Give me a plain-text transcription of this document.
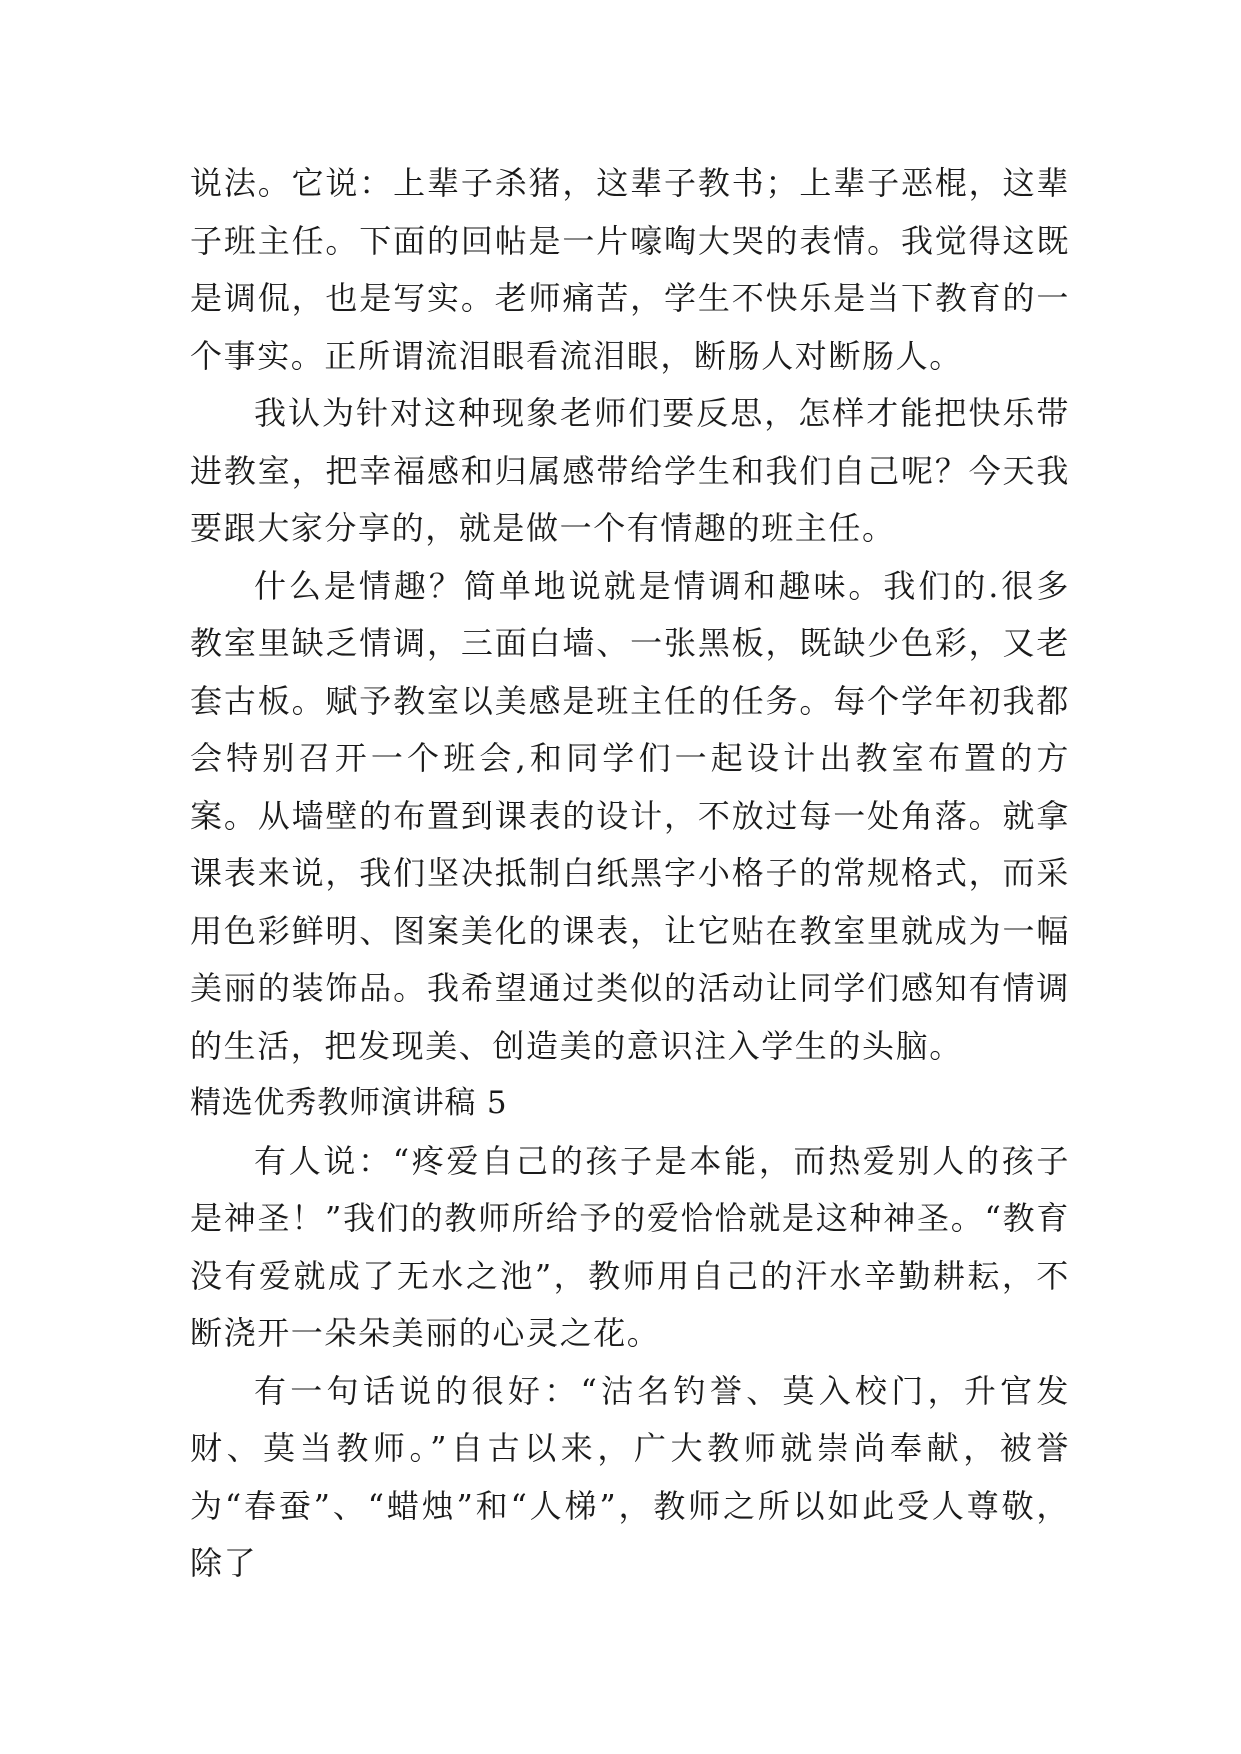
说法。它说：上辈子杀猪，这辈子教书；上辈子恶棍，这辈子班主任。下面的回帖是一片嚎啕大哭的表情。我觉得这既是调侃，也是写实。老师痛苦，学生不快乐是当下教育的一个事实。正所谓流泪眼看流泪眼，断肠人对断肠人。

我认为针对这种现象老师们要反思，怎样才能把快乐带进教室，把幸福感和归属感带给学生和我们自己呢？今天我要跟大家分享的，就是做一个有情趣的班主任。

什么是情趣？简单地说就是情调和趣味。我们的.很多教室里缺乏情调，三面白墙、一张黑板，既缺少色彩，又老套古板。赋予教室以美感是班主任的任务。每个学年初我都会特别召开一个班会,和同学们一起设计出教室布置的方案。从墙壁的布置到课表的设计，不放过每一处角落。就拿课表来说，我们坚决抵制白纸黑字小格子的常规格式，而采用色彩鲜明、图案美化的课表，让它贴在教室里就成为一幅美丽的装饰品。我希望通过类似的活动让同学们感知有情调的生活，把发现美、创造美的意识注入学生的头脑。

精选优秀教师演讲稿 5

有人说：“疼爱自己的孩子是本能，而热爱别人的孩子是神圣！”我们的教师所给予的爱恰恰就是这种神圣。“教育没有爱就成了无水之池”，教师用自己的汗水辛勤耕耘，不断浇开一朵朵美丽的心灵之花。

有一句话说的很好：“沽名钓誉、莫入校门，升官发财、莫当教师。”自古以来，广大教师就崇尚奉献，被誉为“春蚕”、“蜡烛”和“人梯”，教师之所以如此受人尊敬，除了
